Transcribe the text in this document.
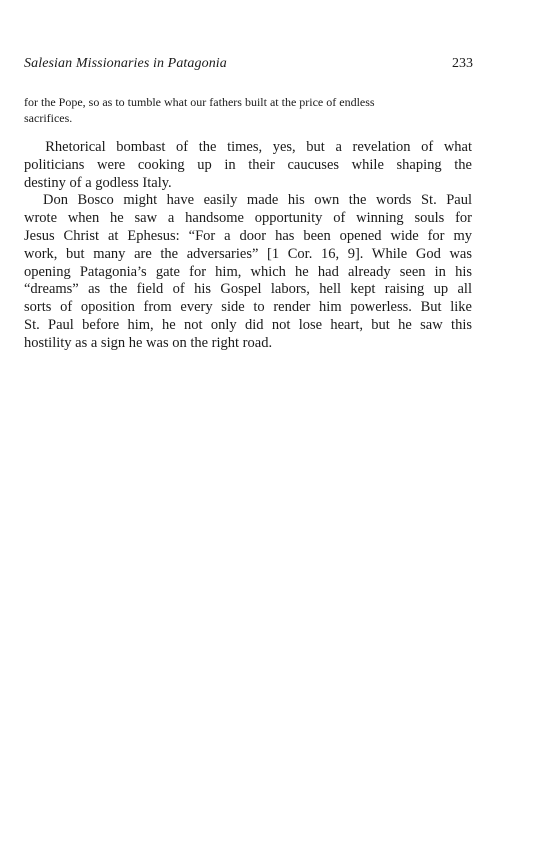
Salesian Missionaries in Patagonia	233
for the Pope, so as to tumble what our fathers built at the price of endless
sacrifices.
Rhetorical bombast of the times, yes, but a revelation of what
politicians were cooking up in their caucuses while shaping the
destiny of a godless Italy.
Don Bosco might have easily made his own the words St. Paul
wrote when he saw a handsome opportunity of winning souls for
Jesus Christ at Ephesus: “For a door has been opened wide for my
work, but many are the adversaries” [1 Cor. 16, 9]. While God was
opening Patagonia’s gate for him, which he had already seen in his
“dreams” as the field of his Gospel labors, hell kept raising up all
sorts of oposition from every side to render him powerless. But like
St. Paul before him, he not only did not lose heart, but he saw this
hostility as a sign he was on the right road.
